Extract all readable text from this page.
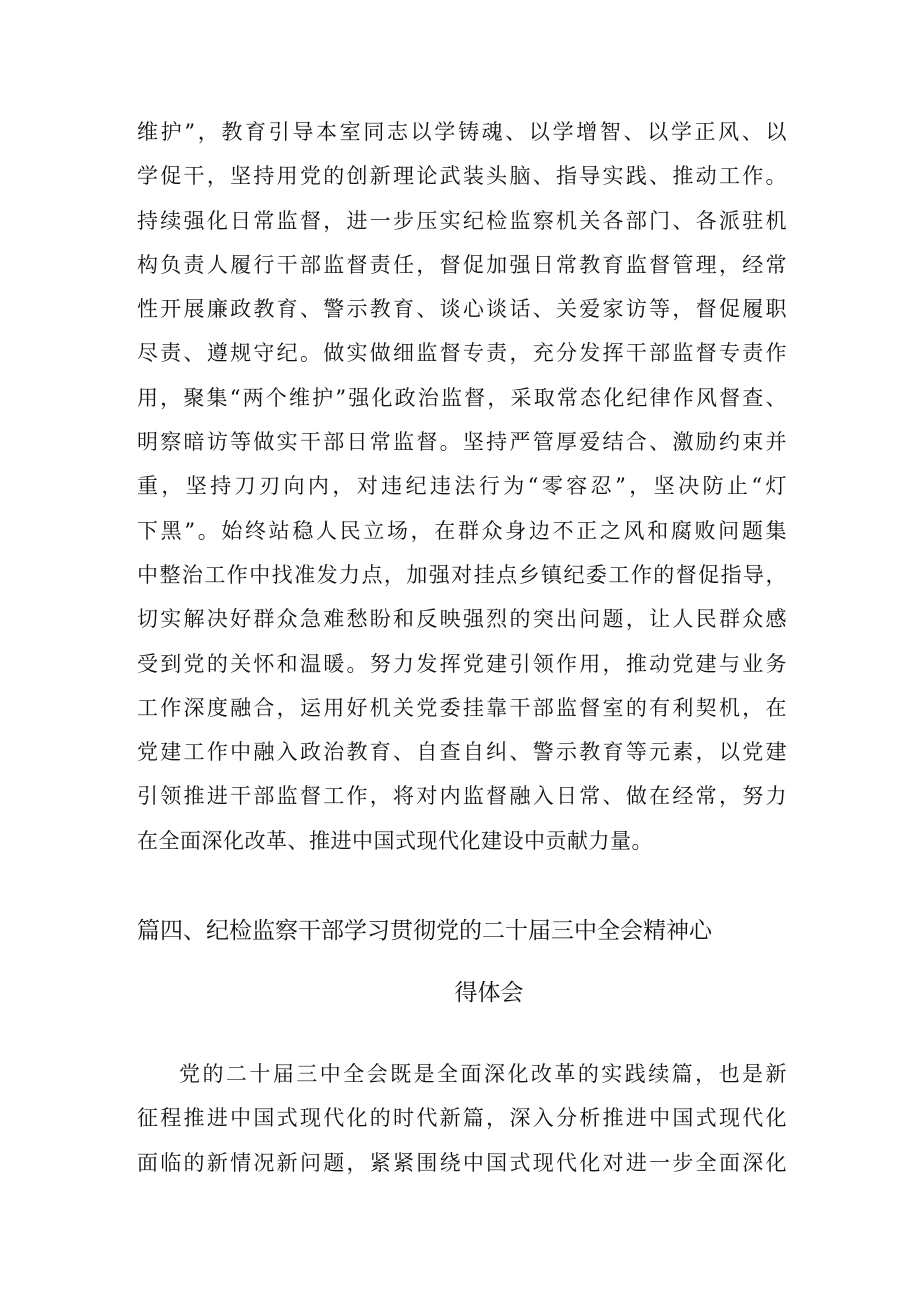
维护”，教育引导本室同志以学铸魂、以学增智、以学正风、以
学促干，坚持用党的创新理论武装头脑、指导实践、推动工作。
持续强化日常监督，进一步压实纪检监察机关各部门、各派驻机
构负责人履行干部监督责任，督促加强日常教育监督管理，经常
性开展廉政教育、警示教育、谈心谈话、关爱家访等，督促履职
尽责、遵规守纪。做实做细监督专责，充分发挥干部监督专责作
用，聚集“两个维护”强化政治监督，采取常态化纪律作风督查、
明察暗访等做实干部日常监督。坚持严管厚爱结合、激励约束并
重，坚持刀刃向内，对违纪违法行为“零容忍”，坚决防止“灯
下黑”。始终站稳人民立场，在群众身边不正之风和腐败问题集
中整治工作中找准发力点，加强对挂点乡镇纪委工作的督促指导，
切实解决好群众急难愁盼和反映强烈的突出问题，让人民群众感
受到党的关怀和温暖。努力发挥党建引领作用，推动党建与业务
工作深度融合，运用好机关党委挂靠干部监督室的有利契机，在
党建工作中融入政治教育、自查自纠、警示教育等元素，以党建
引领推进干部监督工作，将对内监督融入日常、做在经常，努力
在全面深化改革、推进中国式现代化建设中贡献力量。
篇四、纪检监察干部学习贯彻党的二十届三中全会精神心
得体会
党的二十届三中全会既是全面深化改革的实践续篇，也是新
征程推进中国式现代化的时代新篇，深入分析推进中国式现代化
面临的新情况新问题，紧紧围绕中国式现代化对进一步全面深化
